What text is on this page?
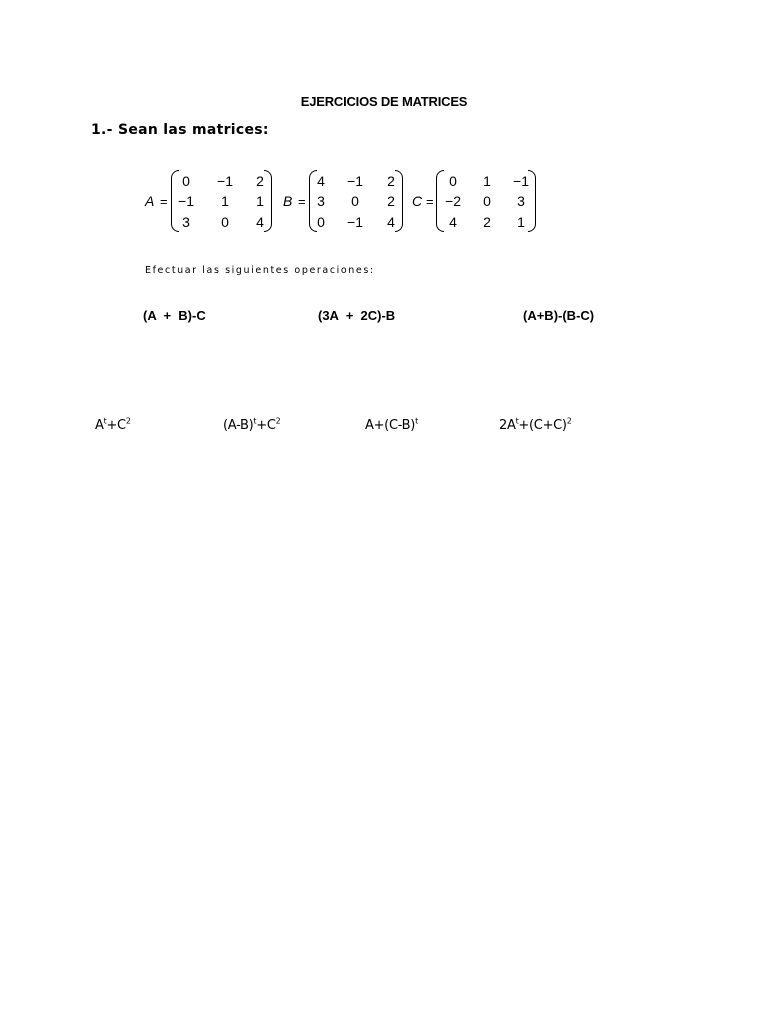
EJERCICIOS DE MATRICES
1.- Sean las matrices:
A =
0	−1	2
−1	1	1
3	0	4
B =
4	−1	2
3	0	2
0	−1	4
C =
0	1	−1
−2	0	3
4	2	1
Efectuar las siguientes operaciones:
(A  +  B)-C	(3A  +  2C)-B	(A+B)-(B-C)
$A^t+C^2$	$(A-B)^t+C^2$	$A+(C-B)^t$	$2A^t+(C+C)^2$
